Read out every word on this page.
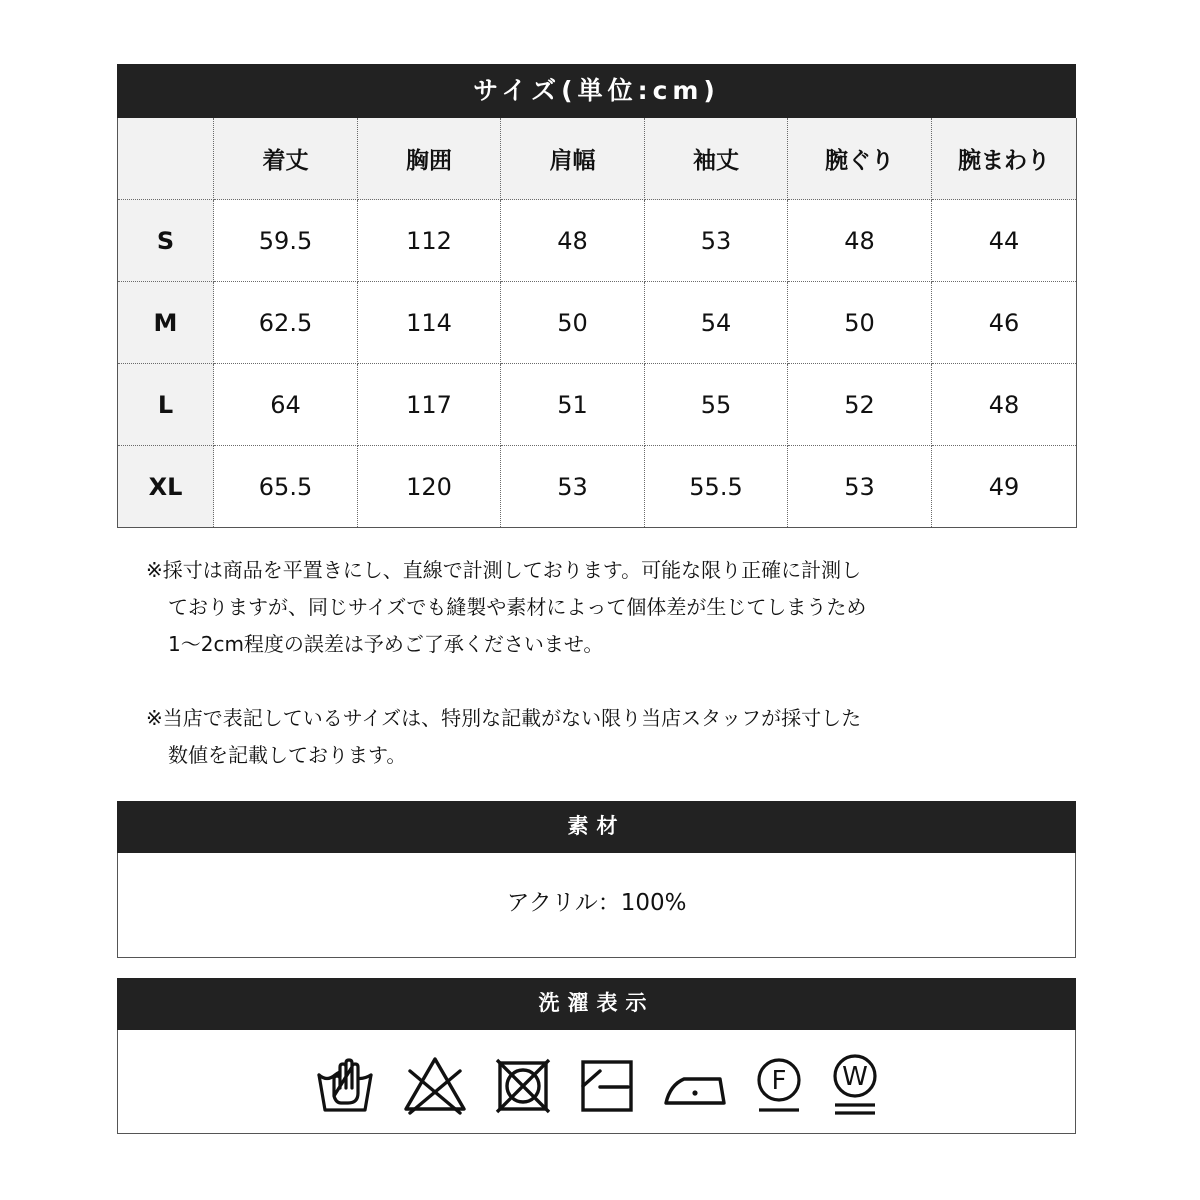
サイズ(単位:cm)
	着丈	胸囲	肩幅	袖丈	腕ぐり	腕まわり
S	59.5	112	48	53	48	44
M	62.5	114	50	54	50	46
L	64	117	51	55	52	48
XL	65.5	120	53	55.5	53	49

※採寸は商品を平置きにし、直線で計測しております。可能な限り正確に計測し

ておりますが、同じサイズでも縫製や素材によって個体差が生じてしまうため
1〜2cm程度の誤差は予めご了承くださいませ。

※当店で表記しているサイズは、特別な記載がない限り当店スタッフが採寸した

数値を記載しております。

素材
アクリル：100%
洗濯表示
F W
